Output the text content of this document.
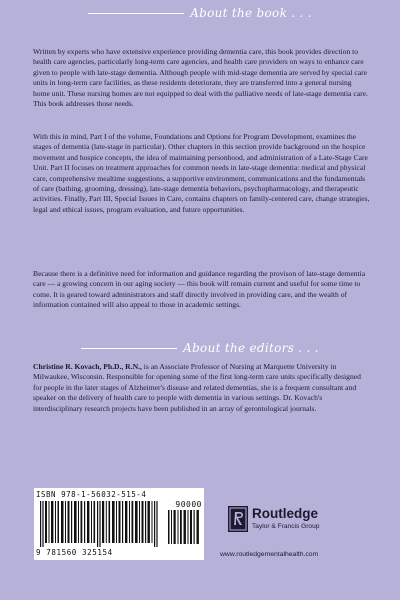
About the book . . .

Written by experts who have extensive experience providing dementia care, this book provides direction to health care agencies, particularly long-term care agencies, and health care providers on ways to enhance care given to people with late-stage dementia. Although people with mid-stage dementia are served by special care units in long-term care facilities, as these residents deteriorate, they are transferred into a general nursing home unit. These nursing homes are not equipped to deal with the palliative needs of late-stage dementia care. This book addresses those needs.

With this in mind, Part I of the volume, Foundations and Options for Program Development, examines the stages of dementia (late-stage in particular). Other chapters in this section provide background on the hospice movement and hospice concepts, the idea of maintaining personhood, and administration of a Late-Stage Care Unit. Part II focuses on treatment approaches for common needs in late-stage dementia: medical and physical care, comprehensive mealtime suggestions, a supportive environment, communications and the fundamentals of care (bathing, grooming, dressing), late-stage dementia behaviors, psychopharmacology, and therapeutic activities. Finally, Part III, Special Issues in Care, contains chapters on family-centered care, change strategies, legal and ethical issues, program evaluation, and future opportunities.

Because there is a definitive need for information and guidance regarding the provison of late-stage dementia care — a growing concern in our aging society — this book will remain current and useful for some time to come. It is geared toward administrators and staff directly involved in providing care, and the wealth of information contained will also appeal to those in academic settings.

About the editors . . .

Christine R. Kovach, Ph.D., R.N., is an Associate Professor of Nursing at Marquette University in Milwaukee, Wisconsin. Responsible for opening some of the first long-term care units specifically designed for people in the later stages of Alzheimer's disease and related dementias, she is a frequent consultant and speaker on the delivery of health care to people with dementia in various settings. Dr. Kovach's interdisciplinary research projects have been published in an array of gerontological journals.

ISBN 978-1-56032-515-4
90000
9 781560 325154
Routledge
Taylor & Francis Group
www.routledgementalhealth.com
